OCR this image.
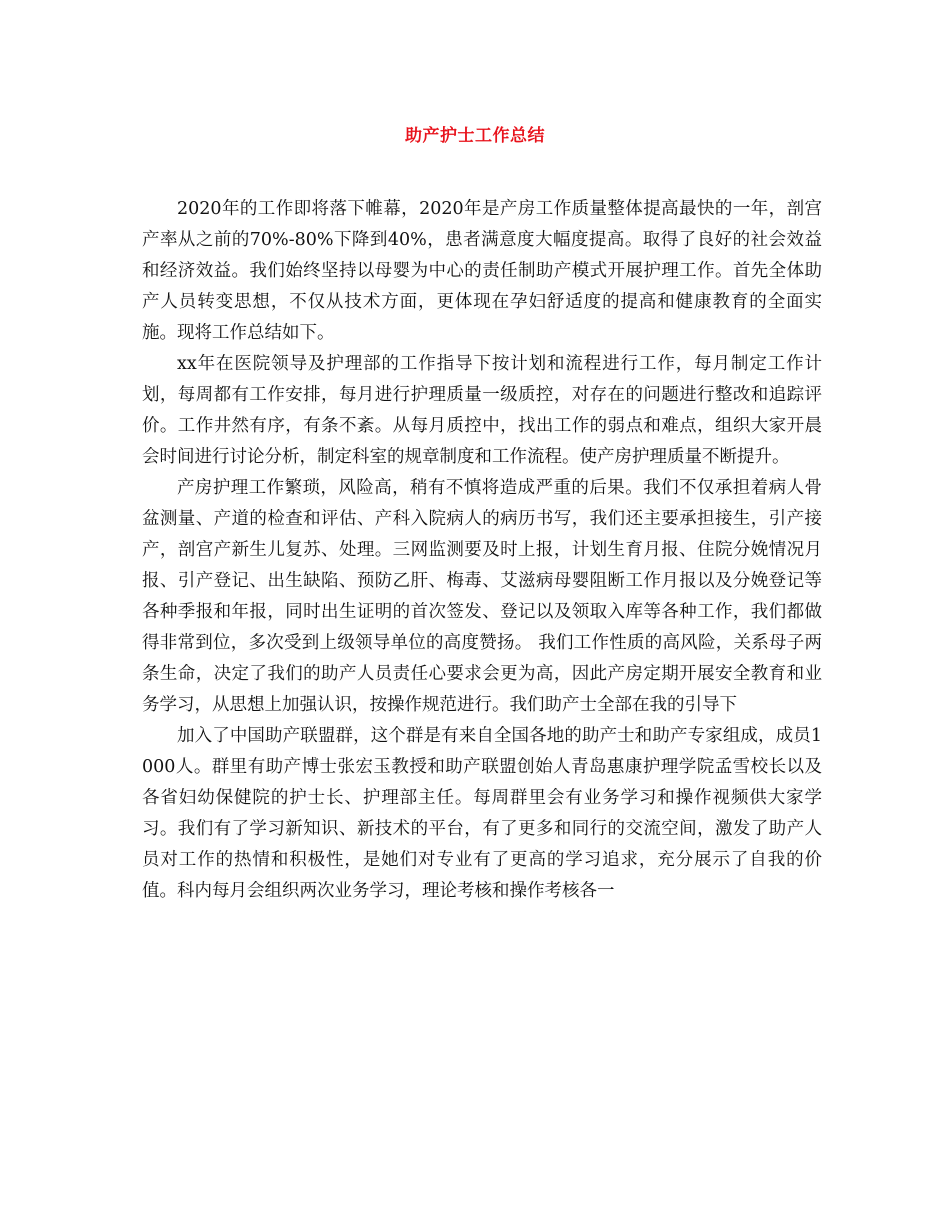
助产护士工作总结

2020年的工作即将落下帷幕，2020年是产房工作质量整体提高最快的一年，剖宫产率从之前的70%-80%下降到40%，患者满意度大幅度提高。取得了良好的社会效益和经济效益。我们始终坚持以母婴为中心的责任制助产模式开展护理工作。首先全体助产人员转变思想，不仅从技术方面，更体现在孕妇舒适度的提高和健康教育的全面实施。现将工作总结如下。

xx年在医院领导及护理部的工作指导下按计划和流程进行工作，每月制定工作计划，每周都有工作安排，每月进行护理质量一级质控，对存在的问题进行整改和追踪评价。工作井然有序，有条不紊。从每月质控中，找出工作的弱点和难点，组织大家开晨会时间进行讨论分析，制定科室的规章制度和工作流程。使产房护理质量不断提升。

产房护理工作繁琐，风险高，稍有不慎将造成严重的后果。我们不仅承担着病人骨盆测量、产道的检查和评估、产科入院病人的病历书写，我们还主要承担接生，引产接产，剖宫产新生儿复苏、处理。三网监测要及时上报，计划生育月报、住院分娩情况月报、引产登记、出生缺陷、预防乙肝、梅毒、艾滋病母婴阻断工作月报以及分娩登记等各种季报和年报，同时出生证明的首次签发、登记以及领取入库等各种工作，我们都做得非常到位，多次受到上级领导单位的高度赞扬。 我们工作性质的高风险，关系母子两条生命，决定了我们的助产人员责任心要求会更为高，因此产房定期开展安全教育和业务学习，从思想上加强认识，按操作规范进行。我们助产士全部在我的引导下

加入了中国助产联盟群，这个群是有来自全国各地的助产士和助产专家组成，成员1000人。群里有助产博士张宏玉教授和助产联盟创始人青岛惠康护理学院孟雪校长以及各省妇幼保健院的护士长、护理部主任。每周群里会有业务学习和操作视频供大家学习。我们有了学习新知识、新技术的平台，有了更多和同行的交流空间，激发了助产人员对工作的热情和积极性，是她们对专业有了更高的学习追求，充分展示了自我的价值。科内每月会组织两次业务学习，理论考核和操作考核各一
